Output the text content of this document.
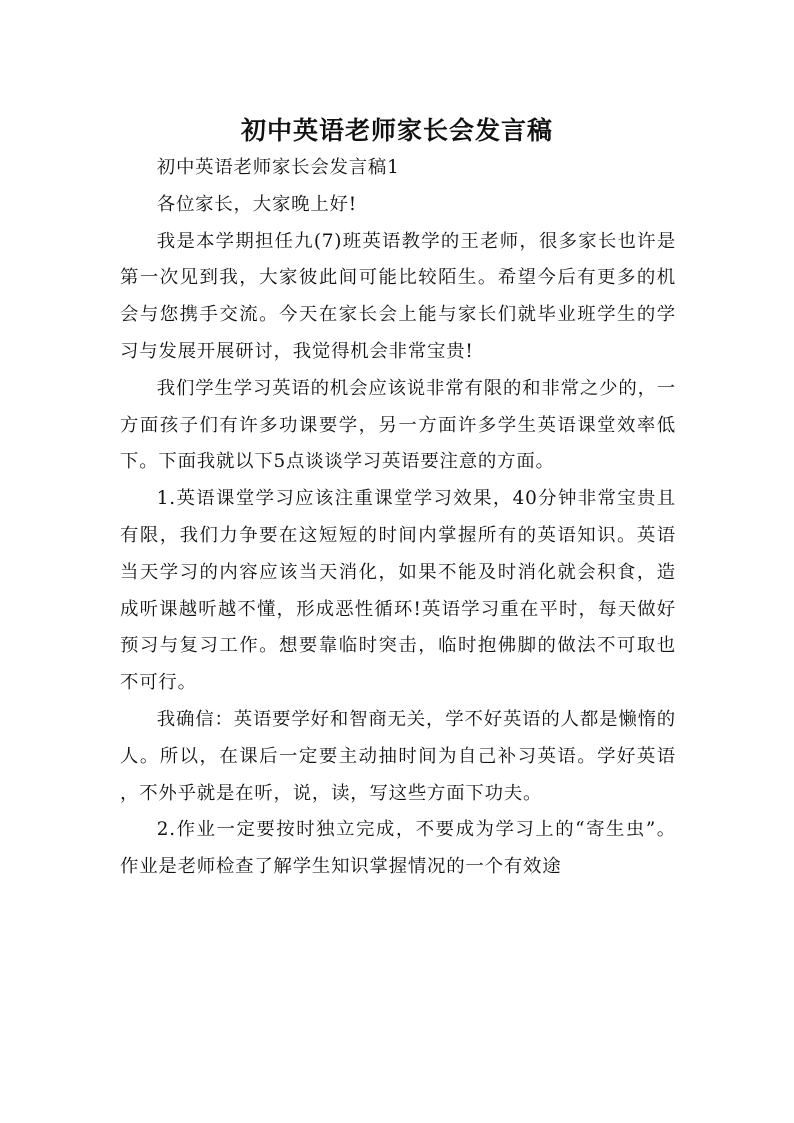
初中英语老师家长会发言稿

初中英语老师家长会发言稿1

各位家长，大家晚上好!

我是本学期担任九(7)班英语教学的王老师，很多家长也许是第一次见到我，大家彼此间可能比较陌生。希望今后有更多的机会与您携手交流。今天在家长会上能与家长们就毕业班学生的学习与发展开展研讨，我觉得机会非常宝贵!

我们学生学习英语的机会应该说非常有限的和非常之少的，一方面孩子们有许多功课要学，另一方面许多学生英语课堂效率低下。下面我就以下5点谈谈学习英语要注意的方面。

1.英语课堂学习应该注重课堂学习效果，40分钟非常宝贵且有限，我们力争要在这短短的时间内掌握所有的英语知识。英语当天学习的内容应该当天消化，如果不能及时消化就会积食，造成听课越听越不懂，形成恶性循环!英语学习重在平时，每天做好预习与复习工作。想要靠临时突击，临时抱佛脚的做法不可取也不可行。

我确信：英语要学好和智商无关，学不好英语的人都是懒惰的人。所以，在课后一定要主动抽时间为自己补习英语。学好英语，不外乎就是在听，说，读，写这些方面下功夫。

2.作业一定要按时独立完成，不要成为学习上的“寄生虫”。作业是老师检查了解学生知识掌握情况的一个有效途
